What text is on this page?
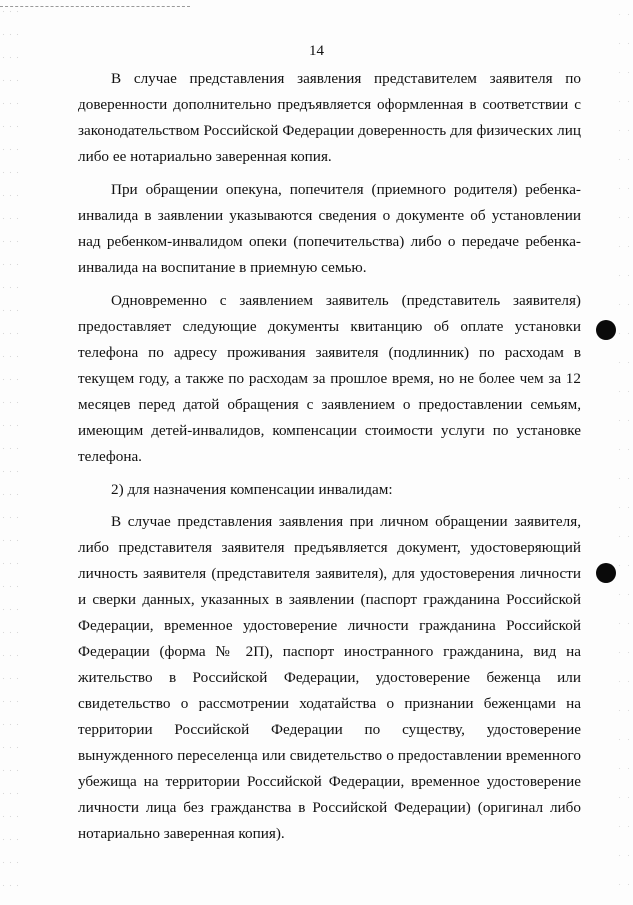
14

В случае представления заявления представителем заявителя по доверенности дополнительно предъявляется оформленная в соответствии с законодательством Российской Федерации доверенность для физических лиц либо ее нотариально заверенная копия.

При обращении опекуна, попечителя (приемного родителя) ребенка-инвалида в заявлении указываются сведения о документе об установлении над ребенком-инвалидом опеки (попечительства) либо о передаче ребенка-инвалида на воспитание в приемную семью.

Одновременно с заявлением заявитель (представитель заявителя) предоставляет следующие документы квитанцию об оплате установки телефона по адресу проживания заявителя (подлинник) по расходам в текущем году, а также по расходам за прошлое время, но не более чем за 12 месяцев перед датой обращения с заявлением о предоставлении семьям, имеющим детей-инвалидов, компенсации стоимости услуги по установке телефона.

2) для назначения компенсации инвалидам:

В случае представления заявления при личном обращении заявителя, либо представителя заявителя предъявляется документ, удостоверяющий личность заявителя (представителя заявителя), для удостоверения личности и сверки данных, указанных в заявлении (паспорт гражданина Российской Федерации, временное удостоверение личности гражданина Российской Федерации (форма № 2П), паспорт иностранного гражданина, вид на жительство в Российской Федерации, удостоверение беженца или свидетельство о рассмотрении ходатайства о признании беженцами на территории Российской Федерации по существу, удостоверение вынужденного переселенца или свидетельство о предоставлении временного убежища на территории Российской Федерации, временное удостоверение личности лица без гражданства в Российской Федерации) (оригинал либо нотариально заверенная копия).
